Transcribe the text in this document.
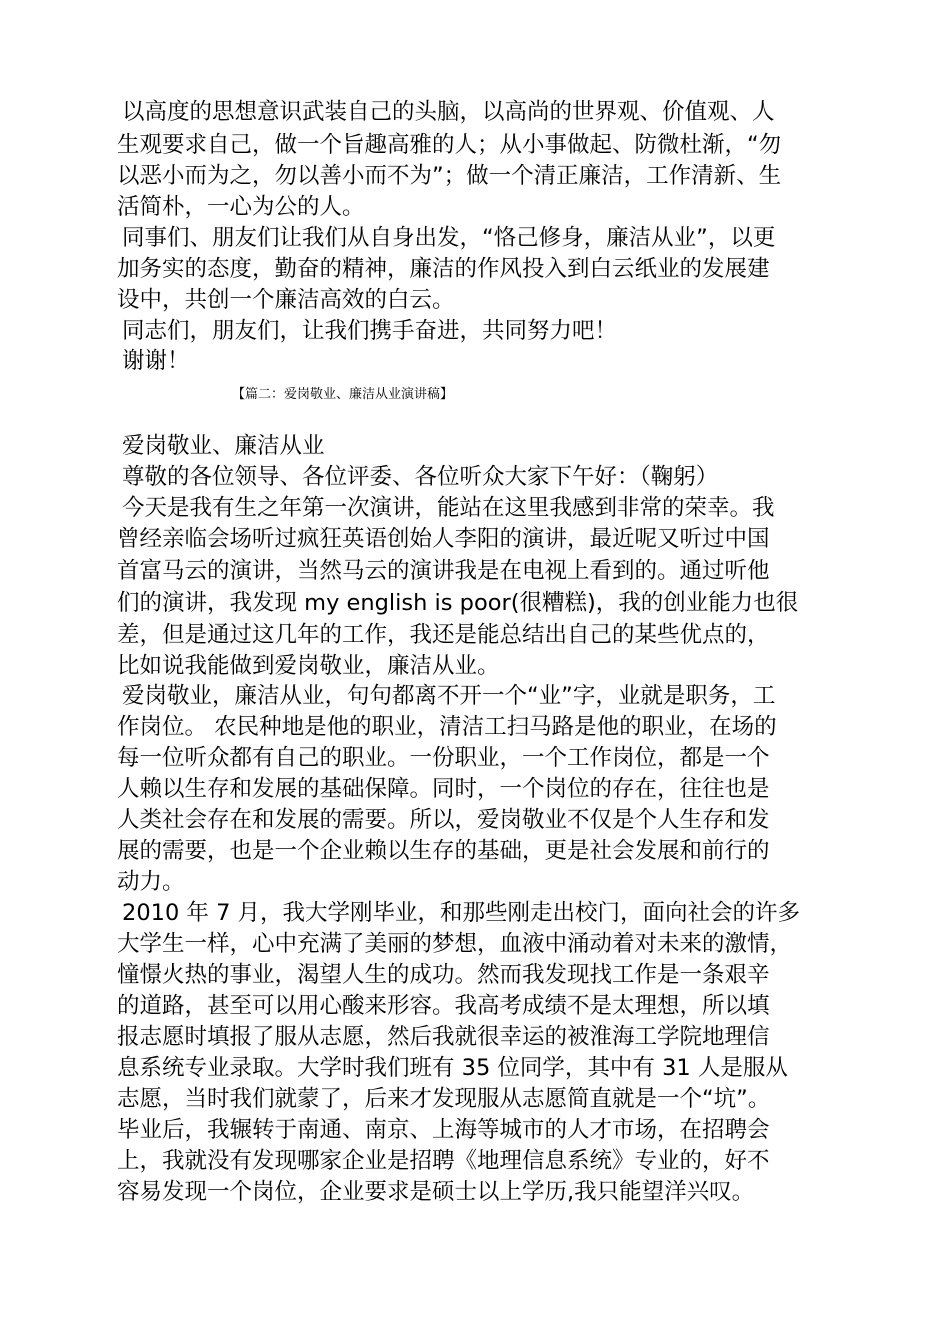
以高度的思想意识武装自己的头脑，以高尚的世界观、价值观、人
生观要求自己，做一个旨趣高雅的人；从小事做起、防微杜渐，“勿
以恶小而为之，勿以善小而不为”；做一个清正廉洁，工作清新、生
活简朴，一心为公的人。
同事们、朋友们让我们从自身出发，“恪己修身，廉洁从业”，以更
加务实的态度，勤奋的精神，廉洁的作风投入到白云纸业的发展建
设中，共创一个廉洁高效的白云。
同志们，朋友们，让我们携手奋进，共同努力吧！
谢谢！
【篇二：爱岗敬业、廉洁从业演讲稿】
爱岗敬业、廉洁从业
尊敬的各位领导、各位评委、各位听众大家下午好：（鞠躬）
今天是我有生之年第一次演讲，能站在这里我感到非常的荣幸。我
曾经亲临会场听过疯狂英语创始人李阳的演讲，最近呢又听过中国
首富马云的演讲，当然马云的演讲我是在电视上看到的。通过听他
们的演讲，我发现 my english is poor(很糟糕)，我的创业能力也很
差，但是通过这几年的工作，我还是能总结出自己的某些优点的，
比如说我能做到爱岗敬业，廉洁从业。
爱岗敬业，廉洁从业，句句都离不开一个“业”字，业就是职务，工
作岗位。 农民种地是他的职业，清洁工扫马路是他的职业，在场的
每一位听众都有自己的职业。一份职业，一个工作岗位，都是一个
人赖以生存和发展的基础保障。同时，一个岗位的存在，往往也是
人类社会存在和发展的需要。所以，爱岗敬业不仅是个人生存和发
展的需要，也是一个企业赖以生存的基础，更是社会发展和前行的
动力。
2010 年 7 月，我大学刚毕业，和那些刚走出校门，面向社会的许多
大学生一样，心中充满了美丽的梦想，血液中涌动着对未来的激情，
憧憬火热的事业，渴望人生的成功。然而我发现找工作是一条艰辛
的道路，甚至可以用心酸来形容。我高考成绩不是太理想，所以填
报志愿时填报了服从志愿，然后我就很幸运的被淮海工学院地理信
息系统专业录取。大学时我们班有 35 位同学，其中有 31 人是服从
志愿，当时我们就蒙了，后来才发现服从志愿简直就是一个“坑”。
毕业后，我辗转于南通、南京、上海等城市的人才市场，在招聘会
上，我就没有发现哪家企业是招聘《地理信息系统》专业的，好不
容易发现一个岗位，企业要求是硕士以上学历,我只能望洋兴叹。
